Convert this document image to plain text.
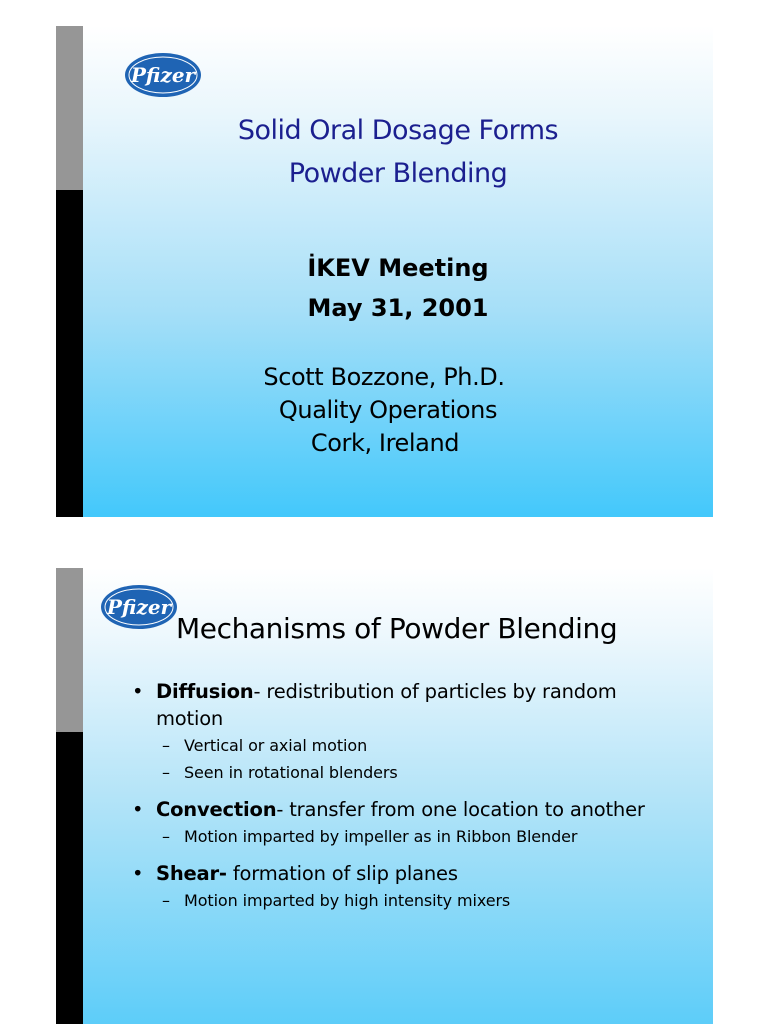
Pfizer
Solid Oral Dosage Forms
Powder Blending
İKEV Meeting
May 31, 2001
Scott Bozzone, Ph.D.
Quality Operations
Cork, Ireland
Pfizer
Mechanisms of Powder Blending
• Diffusion- redistribution of particles by random motion
– Vertical or axial motion
– Seen in rotational blenders
• Convection- transfer from one location to another
– Motion imparted by impeller as in Ribbon Blender
• Shear- formation of slip planes
– Motion imparted by high intensity mixers
